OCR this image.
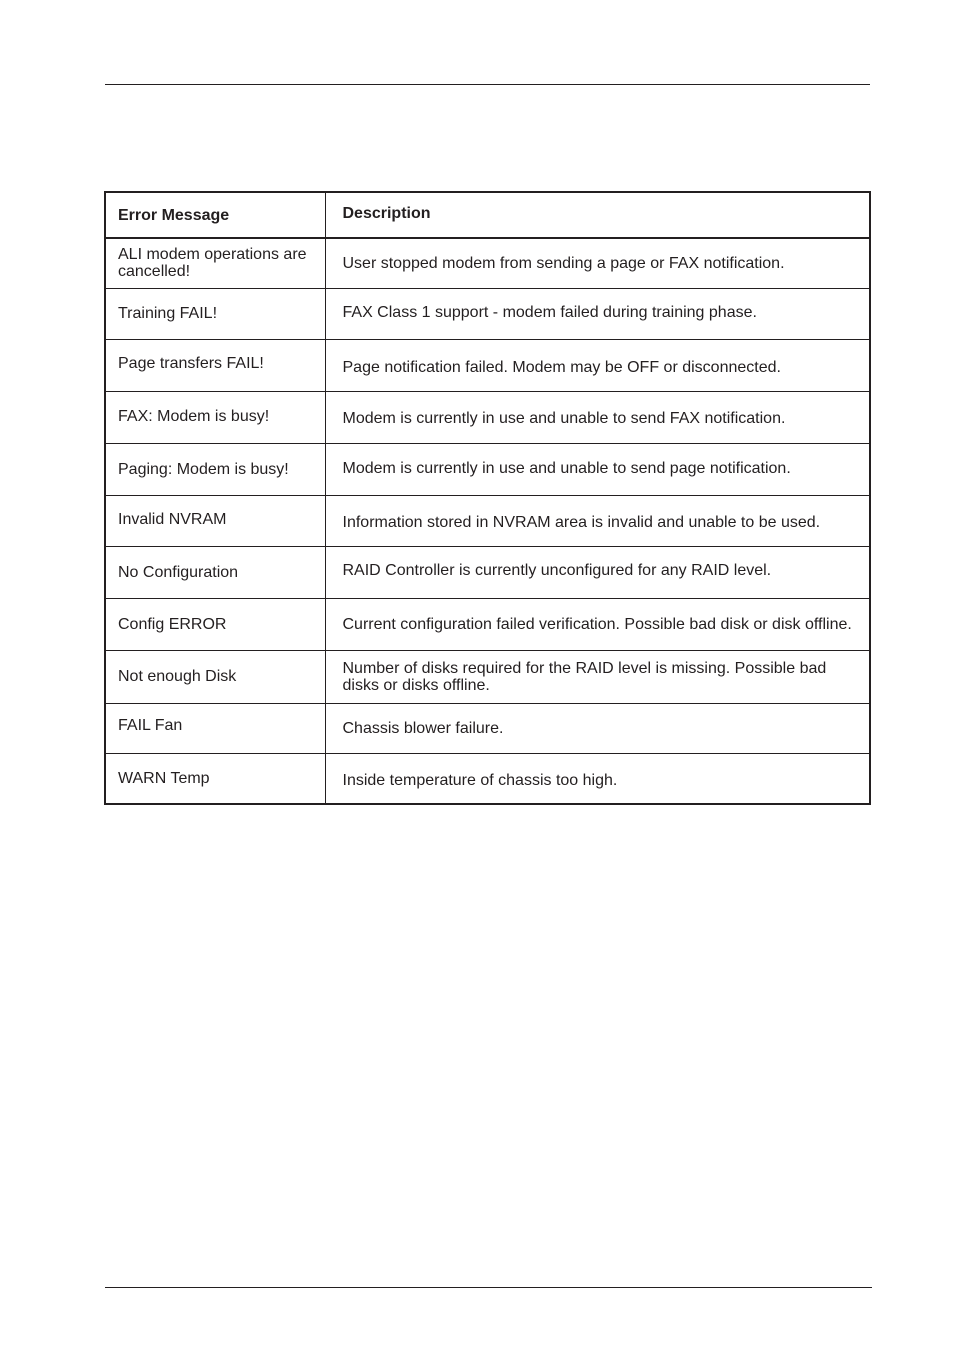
Error Message	Description
ALI modem operations are cancelled!	User stopped modem from sending a page or FAX notification.
Training FAIL!	FAX Class 1 support - modem failed during training phase.
Page transfers FAIL!	Page notification failed. Modem may be OFF or disconnected.
FAX: Modem is busy!	Modem is currently in use and unable to send FAX notification.
Paging: Modem is busy!	Modem is currently in use and unable to send page notification.
Invalid NVRAM	Information stored in NVRAM area is invalid and unable to be used.
No Configuration	RAID Controller is currently unconfigured for any RAID level.
Config ERROR	Current configuration failed verification. Possible bad disk or disk offline.
Not enough Disk	Number of disks required for the RAID level is missing. Possible bad disks or disks offline.
FAIL Fan	Chassis blower failure.
WARN Temp	Inside temperature of chassis too high.
